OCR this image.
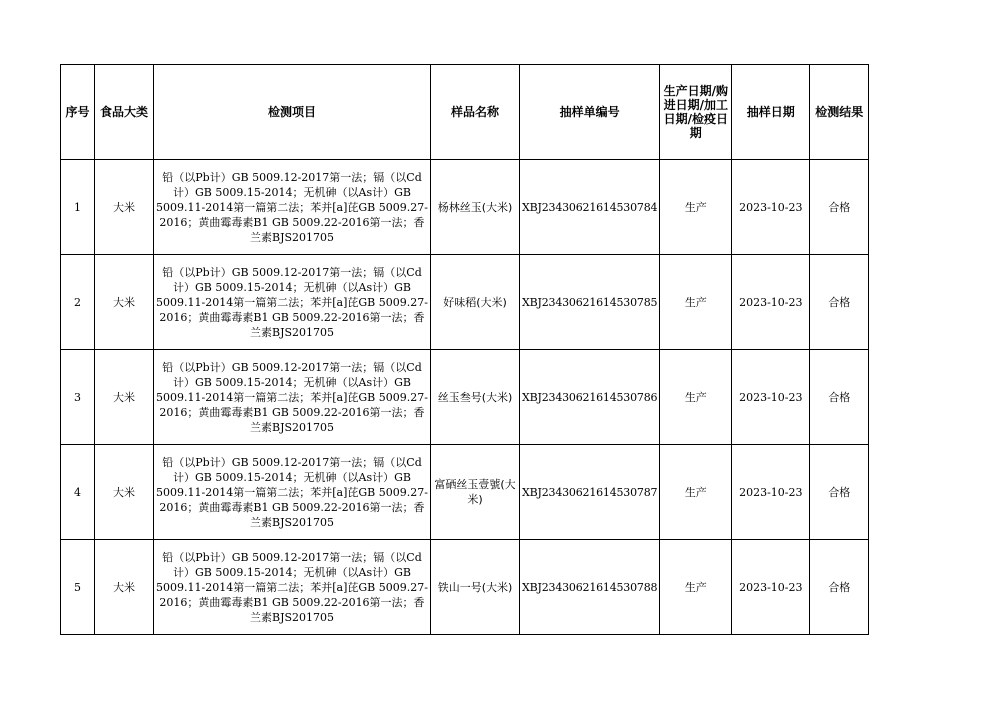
序号	食品大类	检测项目	样品名称	抽样单编号	生产日期/购进日期/加工日期/检疫日期	抽样日期	检测结果
1	大米	铅（以Pb计）GB 5009.12-2017第一法；镉（以Cd计）GB 5009.15-2014；无机砷（以As计）GB 5009.11-2014第一篇第二法；苯并[a]芘GB 5009.27-2016；黄曲霉毒素B1 GB 5009.22-2016第一法；香兰素BJS201705	杨林丝玉(大米)	XBJ23430621614530784	生产	2023-10-23	合格
2	大米	铅（以Pb计）GB 5009.12-2017第一法；镉（以Cd计）GB 5009.15-2014；无机砷（以As计）GB 5009.11-2014第一篇第二法；苯并[a]芘GB 5009.27-2016；黄曲霉毒素B1 GB 5009.22-2016第一法；香兰素BJS201705	好味稻(大米)	XBJ23430621614530785	生产	2023-10-23	合格
3	大米	铅（以Pb计）GB 5009.12-2017第一法；镉（以Cd计）GB 5009.15-2014；无机砷（以As计）GB 5009.11-2014第一篇第二法；苯并[a]芘GB 5009.27-2016；黄曲霉毒素B1 GB 5009.22-2016第一法；香兰素BJS201705	丝玉叁号(大米)	XBJ23430621614530786	生产	2023-10-23	合格
4	大米	铅（以Pb计）GB 5009.12-2017第一法；镉（以Cd计）GB 5009.15-2014；无机砷（以As计）GB 5009.11-2014第一篇第二法；苯并[a]芘GB 5009.27-2016；黄曲霉毒素B1 GB 5009.22-2016第一法；香兰素BJS201705	富硒丝玉壹號(大米)	XBJ23430621614530787	生产	2023-10-23	合格
5	大米	铅（以Pb计）GB 5009.12-2017第一法；镉（以Cd计）GB 5009.15-2014；无机砷（以As计）GB 5009.11-2014第一篇第二法；苯并[a]芘GB 5009.27-2016；黄曲霉毒素B1 GB 5009.22-2016第一法；香兰素BJS201705	铁山一号(大米)	XBJ23430621614530788	生产	2023-10-23	合格
